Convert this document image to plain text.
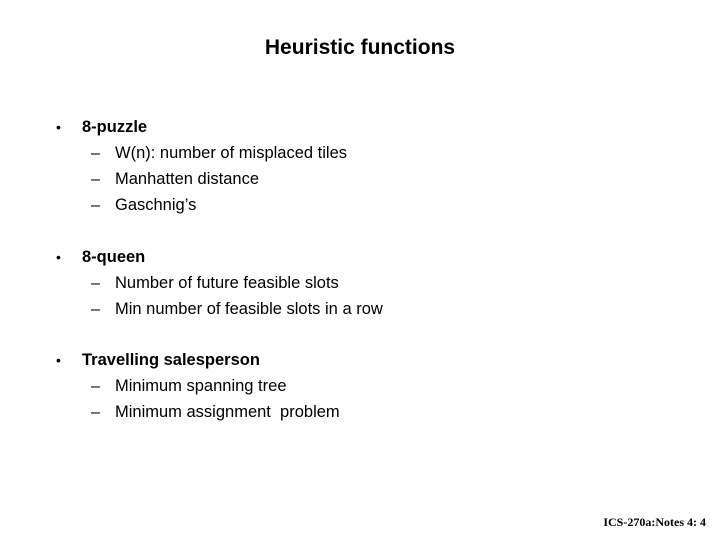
Heuristic functions
•	8-puzzle
– W(n): number of misplaced tiles
– Manhatten distance
– Gaschnig’s
•	8-queen
– Number of future feasible slots
– Min number of feasible slots in a row
•	Travelling salesperson
– Minimum spanning tree
– Minimum assignment  problem
ICS-270a:Notes 4: 4
